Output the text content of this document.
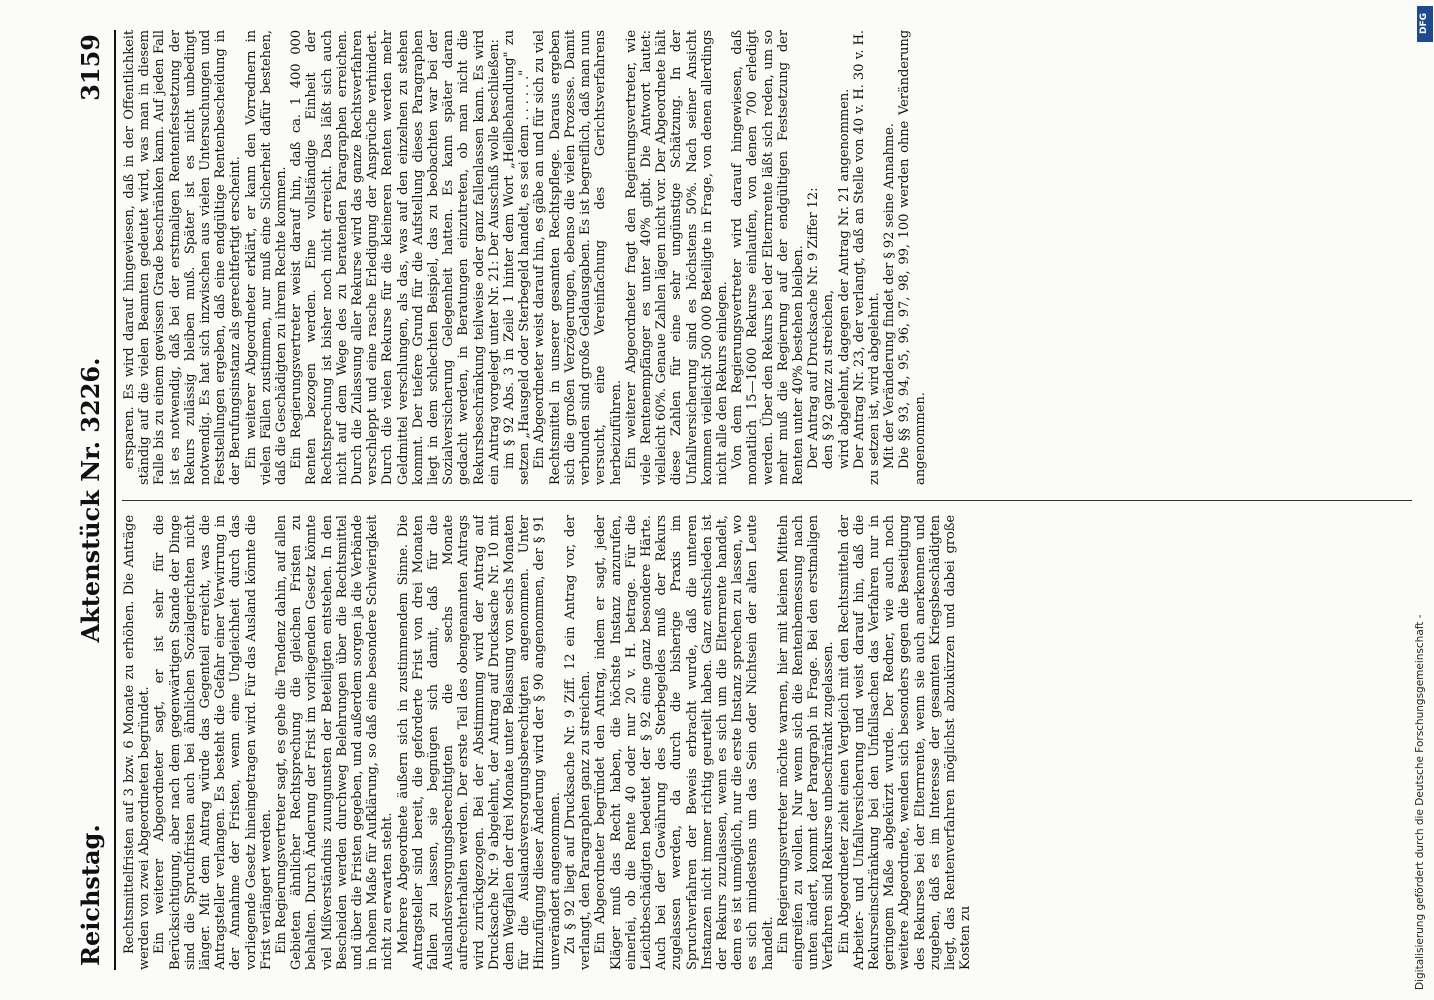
Reichstag.
Aktenstück Nr. 3226.
3159

Rechtsmittelfristen auf 3 bzw. 6 Monate zu erhöhen. Die Anträge werden von zwei Abgeordneten begründet. Ein weiterer Abgeordneter sagt, er ist sehr für die Berücksichtigung, aber nach dem gegenwärtigen Stande der Dinge sind die Spruchfristen auch bei ähnlichen Sozialgerichten nicht länger. Mit dem Antrag würde das Gegenteil erreicht, was die Antragsteller verlangen. Es besteht die Gefahr einer Verwirrung in der Annahme der Fristen, wenn eine Ungleichheit durch das vorliegende Gesetz hineingetragen wird. Für das Ausland könnte die Frist verlängert werden. Ein Regierungsvertreter sagt, es gehe die Tendenz dahin, auf allen Gebieten ähnlicher Rechtsprechung die gleichen Fristen zu behalten. Durch Änderung der Frist im vorliegenden Gesetz könnte viel Mißverständnis zuungunsten der Beteiligten entstehen. In den Bescheiden werden durchweg Belehrungen über die Rechtsmittel und über die Fristen gegeben, und außerdem sorgen ja die Verbände in hohem Maße für Aufklärung, so daß eine besondere Schwierigkeit nicht zu erwarten steht. Mehrere Abgeordnete äußern sich in zustimmendem Sinne. Die Antragsteller sind bereit, die geforderte Frist von drei Monaten fallen zu lassen, sie begnügen sich damit, daß für die Auslandsversorgungsberechtigten die sechs Monate aufrechterhalten werden. Der erste Teil des obengenannten Antrags wird zurückgezogen. Bei der Abstimmung wird der Antrag auf Drucksache Nr. 9 abgelehnt, der Antrag auf Drucksache Nr. 10 mit dem Wegfallen der drei Monate unter Belassung von sechs Monaten für die Auslandsversorgungsberechtigten angenommen. Unter Hinzufügung dieser Änderung wird der § 90 angenommen, der § 91 unverändert angenommen. Zu § 92 liegt auf Drucksache Nr. 9 Ziff. 12 ein Antrag vor, der verlangt, den Paragraphen ganz zu streichen. Ein Abgeordneter begründet den Antrag, indem er sagt, jeder Kläger muß das Recht haben, die höchste Instanz anzurufen, einerlei, ob die Rente 40 oder nur 20 v. H. betrage. Für die Leichtbeschädigten bedeutet der § 92 eine ganz besondere Härte. Auch bei der Gewährung des Sterbegeldes muß der Rekurs zugelassen werden, da durch die bisherige Praxis im Spruchverfahren der Beweis erbracht wurde, daß die unteren Instanzen nicht immer richtig geurteilt haben. Ganz entschieden ist der Rekurs zuzulassen, wenn es sich um die Elternrente handelt, denn es ist unmöglich, nur die erste Instanz sprechen zu lassen, wo es sich mindestens um das Sein oder Nichtsein der alten Leute handelt. Ein Regierungsvertreter möchte warnen, hier mit kleinen Mitteln eingreifen zu wollen. Nur wenn sich die Rentenbemessung nach unten ändert, kommt der Paragraph in Frage. Bei den erstmaligen Verfahren sind Rekurse unbeschränkt zugelassen. Ein Abgeordneter zieht einen Vergleich mit den Rechtsmitteln der Arbeiter- und Unfallversicherung und weist darauf hin, daß die Rekurseinschränkung bei den Unfallsachen das Verfahren nur in geringem Maße abgekürzt wurde. Der Redner, wie auch noch weitere Abgeordnete, wenden sich besonders gegen die Beseitigung des Rekurses bei der Elternrente, wenn sie auch anerkennen und zugeben, daß es im Interesse der gesamten Kriegsbeschädigten liegt, das Rentenverfahren möglichst abzukürzen und dabei große Kosten zu

ersparen. Es wird darauf hingewiesen, daß in der Öffentlichkeit ständig auf die vielen Beamten gedeutet wird, was man in diesem Falle bis zu einem gewissen Grade beschränken kann. Auf jeden Fall ist es notwendig, daß bei der erstmaligen Rentenfestsetzung der Rekurs zulässig bleiben muß. Später ist es nicht unbedingt notwendig. Es hat sich inzwischen aus vielen Untersuchungen und Feststellungen ergeben, daß eine endgültige Rentenbescheidung in der Berufungsinstanz als gerechtfertigt erscheint. Ein weiterer Abgeordneter erklärt, er kann den Vorrednern in vielen Fällen zustimmen, nur muß eine Sicherheit dafür bestehen, daß die Geschädigten zu ihrem Rechte kommen. Ein Regierungsvertreter weist darauf hin, daß ca. 1 400 000 Renten bezogen werden. Eine vollständige Einheit der Rechtsprechung ist bisher noch nicht erreicht. Das läßt sich auch nicht auf dem Wege des zu beratenden Paragraphen erreichen. Durch die Zulassung aller Rekurse wird das ganze Rechtsverfahren verschleppt und eine rasche Erledigung der Ansprüche verhindert. Durch die vielen Rekurse für die kleineren Renten werden mehr Geldmittel verschlungen, als das, was auf den einzelnen zu stehen kommt. Der tiefere Grund für die Aufstellung dieses Paragraphen liegt in dem schlechten Beispiel, das zu beobachten war bei der Sozialversicherung Gelegenheit hatten. Es kann später daran gedacht werden, in Beratungen einzutreten, ob man nicht die Rekursbeschränkung teilweise oder ganz fallenlassen kann. Es wird ein Antrag vorgelegt unter Nr. 21: Der Ausschuß wolle beschließen: im § 92 Abs. 3 in Zeile 1 hinter dem Wort „Heilbehandlung" zu setzen „Hausgeld oder Sterbegeld handelt, es sei denn . . . . . ." Ein Abgeordneter weist darauf hin, es gäbe an und für sich zu viel Rechtsmittel in unserer gesamten Rechtspflege. Daraus ergeben sich die großen Verzögerungen, ebenso die vielen Prozesse. Damit verbunden sind große Geldausgaben. Es ist begreiflich, daß man nun versucht, eine Vereinfachung des Gerichtsverfahrens herbeizuführen. Ein weiterer Abgeordneter fragt den Regierungsvertreter, wie viele Rentenempfänger es unter 40% gibt. Die Antwort lautet: vielleicht 60%. Genaue Zahlen lägen nicht vor. Der Abgeordnete hält diese Zahlen für eine sehr ungünstige Schätzung. In der Unfallversicherung sind es höchstens 50%. Nach seiner Ansicht kommen vielleicht 500 000 Beteiligte in Frage, von denen allerdings nicht alle den Rekurs einlegen. Von dem Regierungsvertreter wird darauf hingewiesen, daß monatlich 15—1600 Rekurse einlaufen, von denen 700 erledigt werden. Über den Rekurs bei der Elternrente läßt sich reden, um so mehr muß die Regierung auf der endgültigen Festsetzung der Renten unter 40% bestehen bleiben. Der Antrag auf Drucksache Nr. 9 Ziffer 12: den § 92 ganz zu streichen, wird abgelehnt, dagegen der Antrag Nr. 21 angenommen. Der Antrag Nr. 23, der verlangt, daß an Stelle von 40 v. H. 30 v. H. zu setzen ist, wird abgelehnt. Mit der Veränderung findet der § 92 seine Annahme. Die §§ 93, 94, 95, 96, 97, 98, 99, 100 werden ohne Veränderung angenommen.

Digitalisierung gefördert durch die Deutsche Forschungsgemeinschaft -
DFG
